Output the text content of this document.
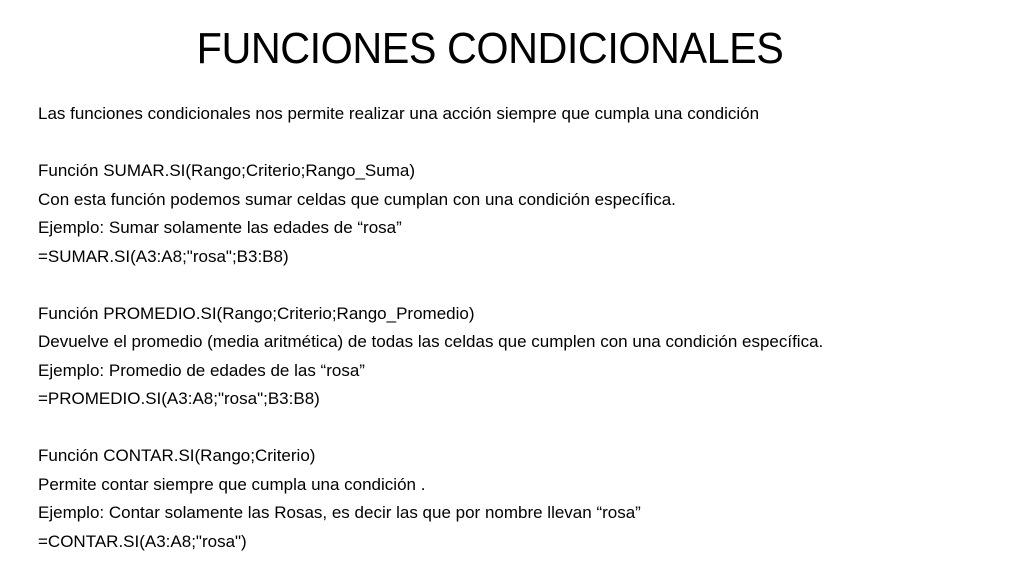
FUNCIONES CONDICIONALES
Las funciones condicionales nos permite realizar una acción siempre que cumpla una condición
Función SUMAR.SI(Rango;Criterio;Rango_Suma)
Con esta función podemos sumar celdas que cumplan con una condición específica.
Ejemplo: Sumar solamente las edades de “rosa”
=SUMAR.SI(A3:A8;"rosa";B3:B8)
Función PROMEDIO.SI(Rango;Criterio;Rango_Promedio)
Devuelve el promedio (media aritmética) de todas las celdas que cumplen con una condición específica.
Ejemplo: Promedio de edades de las “rosa”
=PROMEDIO.SI(A3:A8;"rosa";B3:B8)
Función CONTAR.SI(Rango;Criterio)
Permite contar siempre que cumpla una condición .
Ejemplo: Contar solamente las Rosas, es decir las que por nombre llevan “rosa”
=CONTAR.SI(A3:A8;"rosa")
